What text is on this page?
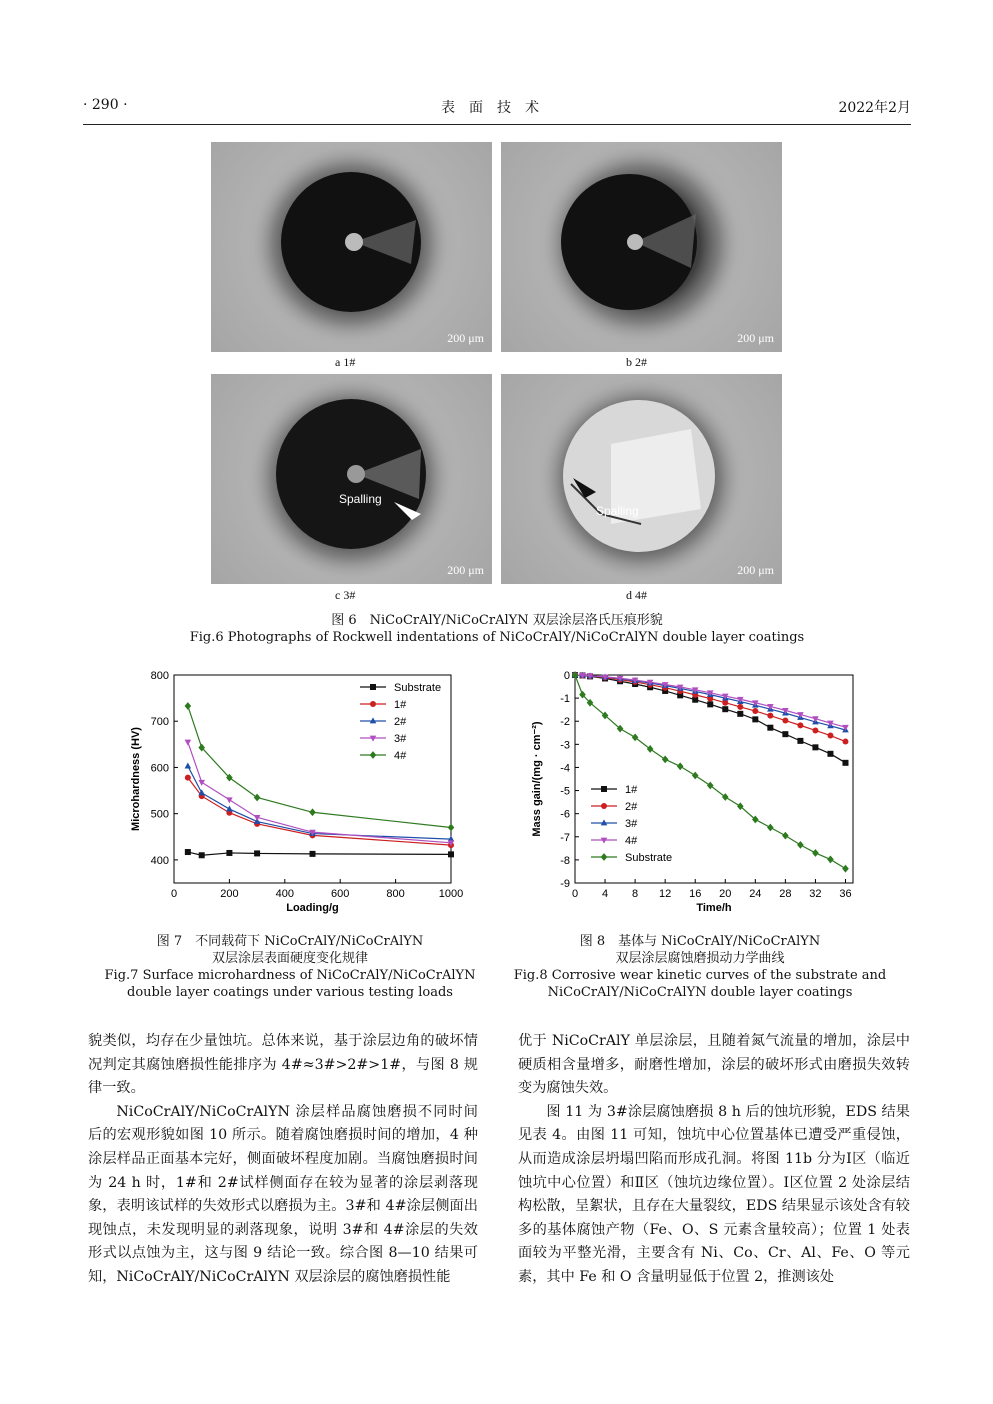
· 290 ·	表面技术	2022年2月
200 μm
a 1#
200 μm
b 2#
Spalling
200 μm
c 3#
Spalling
200 μm
d 4#
图 6　NiCoCrAlY/NiCoCrAlYN 双层涂层洛氏压痕形貌
Fig.6 Photographs of Rockwell indentations of NiCoCrAlY/NiCoCrAlYN double layer coatings
0	200	400	600	800	1000
400
500
600
700
800
Loading/g
Microhardness (HV)
Substrate
1#
2#
3#
4#
图 7　不同载荷下 NiCoCrAlY/NiCoCrAlYN
双层涂层表面硬度变化规律
Fig.7 Surface microhardness of NiCoCrAlY/NiCoCrAlYN
double layer coatings under various testing loads
0 4 8 12 16 20 24 28 32 36
0
-1
-2
-3
-4
-5
-6
-7
-8
-9
Time/h
Mass gain/(mg · cm⁻²)	1#
2#
3#
4#
Substrate
图 8　基体与 NiCoCrAlY/NiCoCrAlYN
双层涂层腐蚀磨损动力学曲线
Fig.8 Corrosive wear kinetic curves of the substrate and
NiCoCrAlY/NiCoCrAlYN double layer coatings

貌类似，均存在少量蚀坑。总体来说，基于涂层边角的破坏情况判定其腐蚀磨损性能排序为 4#≈3#>2#>1#，与图 8 规律一致。

NiCoCrAlY/NiCoCrAlYN 涂层样品腐蚀磨损不同时间后的宏观形貌如图 10 所示。随着腐蚀磨损时间的增加，4 种涂层样品正面基本完好，侧面破坏程度加剧。当腐蚀磨损时间为 24 h 时，1#和 2#试样侧面存在较为显著的涂层剥落现象，表明该试样的失效形式以磨损为主。3#和 4#涂层侧面出现蚀点，未发现明显的剥落现象，说明 3#和 4#涂层的失效形式以点蚀为主，这与图 9 结论一致。综合图 8—10 结果可知，NiCoCrAlY/NiCoCrAlYN 双层涂层的腐蚀磨损性能

优于 NiCoCrAlY 单层涂层，且随着氮气流量的增加，涂层中硬质相含量增多，耐磨性增加，涂层的破坏形式由磨损失效转变为腐蚀失效。

图 11 为 3#涂层腐蚀磨损 8 h 后的蚀坑形貌，EDS 结果见表 4。由图 11 可知，蚀坑中心位置基体已遭受严重侵蚀，从而造成涂层坍塌凹陷而形成孔洞。将图 11b 分为Ⅰ区（临近蚀坑中心位置）和Ⅱ区（蚀坑边缘位置）。Ⅰ区位置 2 处涂层结构松散，呈絮状，且存在大量裂纹，EDS 结果显示该处含有较多的基体腐蚀产物（Fe、O、S 元素含量较高）；位置 1 处表面较为平整光滑，主要含有 Ni、Co、Cr、Al、Fe、O 等元素，其中 Fe 和 O 含量明显低于位置 2，推测该处
